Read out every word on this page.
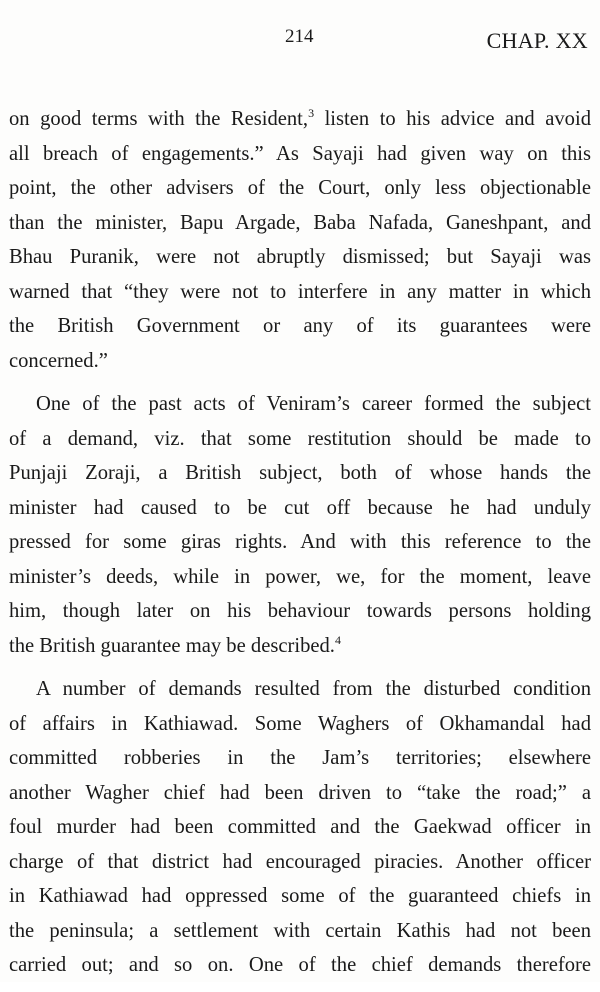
214	CHAP. XX
on good terms with the Resident,$^3$ listen to his advice and avoid
all breach of engagements.” As Sayaji had given way on this
point, the other advisers of the Court, only less objectionable
than the minister, Bapu Argade, Baba Nafada, Ganeshpant, and
Bhau Puranik, were not abruptly dismissed; but Sayaji was
warned that “they were not to interfere in any matter in which
the British Government or any of its guarantees were
concerned.”
One of the past acts of Veniram’s career formed the subject
of a demand, viz. that some restitution should be made to
Punjaji Zoraji, a British subject, both of whose hands the
minister had caused to be cut off because he had unduly
pressed for some giras rights. And with this reference to the
minister’s deeds, while in power, we, for the moment, leave
him, though later on his behaviour towards persons holding
the British guarantee may be described.$^4$
A number of demands resulted from the disturbed condition
of affairs in Kathiawad. Some Waghers of Okhamandal had
committed robberies in the Jam’s territories; elsewhere
another Wagher chief had been driven to “take the road;” a
foul murder had been committed and the Gaekwad officer in
charge of that district had encouraged piracies. Another officer
in Kathiawad had oppressed some of the guaranteed chiefs in
the peninsula; a settlement with certain Kathis had not been
carried out; and so on. One of the chief demands therefore
